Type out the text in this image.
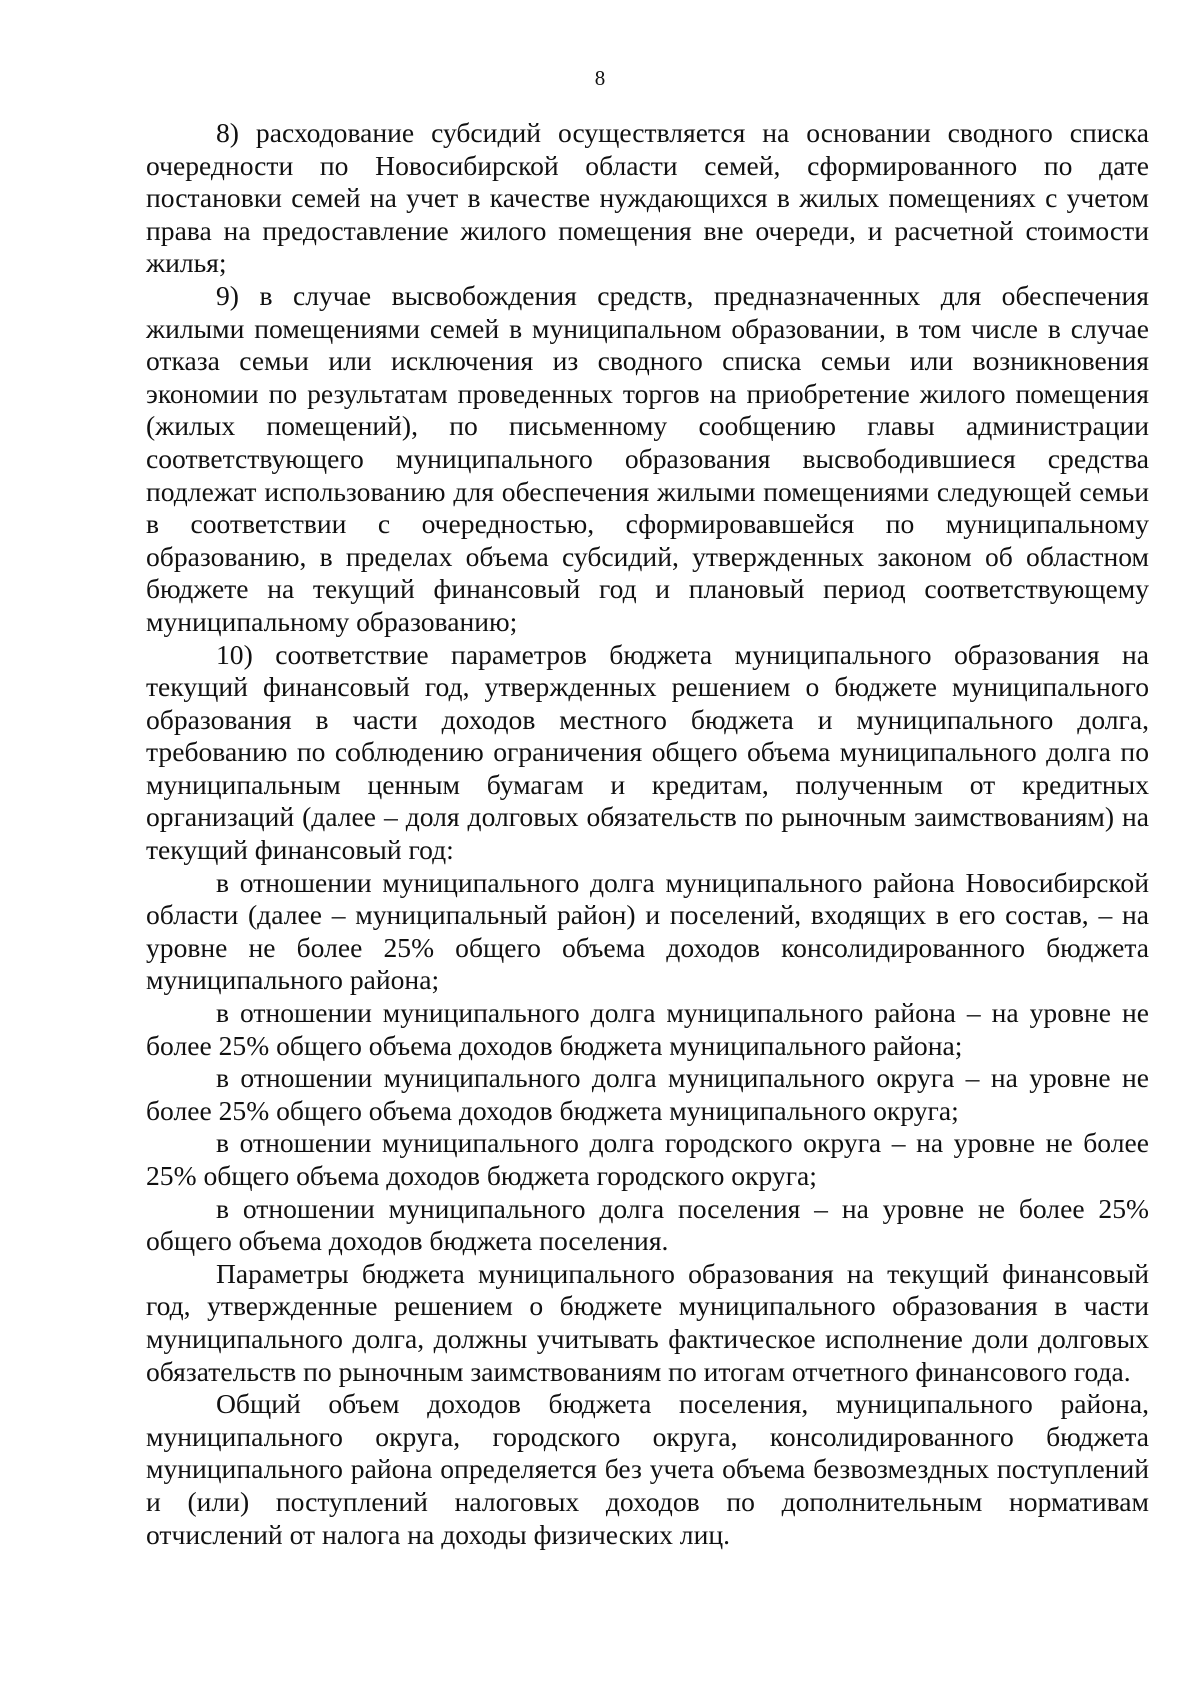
8

8) расходование субсидий осуществляется на основании сводного списка очередности по Новосибирской области семей, сформированного по дате постановки семей на учет в качестве нуждающихся в жилых помещениях с учетом права на предоставление жилого помещения вне очереди, и расчетной стоимости жилья;

9) в случае высвобождения средств, предназначенных для обеспечения жилыми помещениями семей в муниципальном образовании, в том числе в случае отказа семьи или исключения из сводного списка семьи или возникновения экономии по результатам проведенных торгов на приобретение жилого помещения (жилых помещений), по письменному сообщению главы администрации соответствующего муниципального образования высвободившиеся средства подлежат использованию для обеспечения жилыми помещениями следующей семьи в соответствии с очередностью, сформировавшейся по муниципальному образованию, в пределах объема субсидий, утвержденных законом об областном бюджете на текущий финансовый год и плановый период соответствующему муниципальному образованию;

10) соответствие параметров бюджета муниципального образования на текущий финансовый год, утвержденных решением о бюджете муниципального образования в части доходов местного бюджета и муниципального долга, требованию по соблюдению ограничения общего объема муниципального долга по муниципальным ценным бумагам и кредитам, полученным от кредитных организаций (далее – доля долговых обязательств по рыночным заимствованиям) на текущий финансовый год:

в отношении муниципального долга муниципального района Новосибирской области (далее – муниципальный район) и поселений, входящих в его состав, – на уровне не более 25% общего объема доходов консолидированного бюджета муниципального района;

в отношении муниципального долга муниципального района – на уровне не более 25% общего объема доходов бюджета муниципального района;

в отношении муниципального долга муниципального округа – на уровне не более 25% общего объема доходов бюджета муниципального округа;

в отношении муниципального долга городского округа – на уровне не более 25% общего объема доходов бюджета городского округа;

в отношении муниципального долга поселения – на уровне не более 25% общего объема доходов бюджета поселения.

Параметры бюджета муниципального образования на текущий финансовый год, утвержденные решением о бюджете муниципального образования в части муниципального долга, должны учитывать фактическое исполнение доли долговых обязательств по рыночным заимствованиям по итогам отчетного финансового года.

Общий объем доходов бюджета поселения, муниципального района, муниципального округа, городского округа, консолидированного бюджета муниципального района определяется без учета объема безвозмездных поступлений и (или) поступлений налоговых доходов по дополнительным нормативам отчислений от налога на доходы физических лиц.
